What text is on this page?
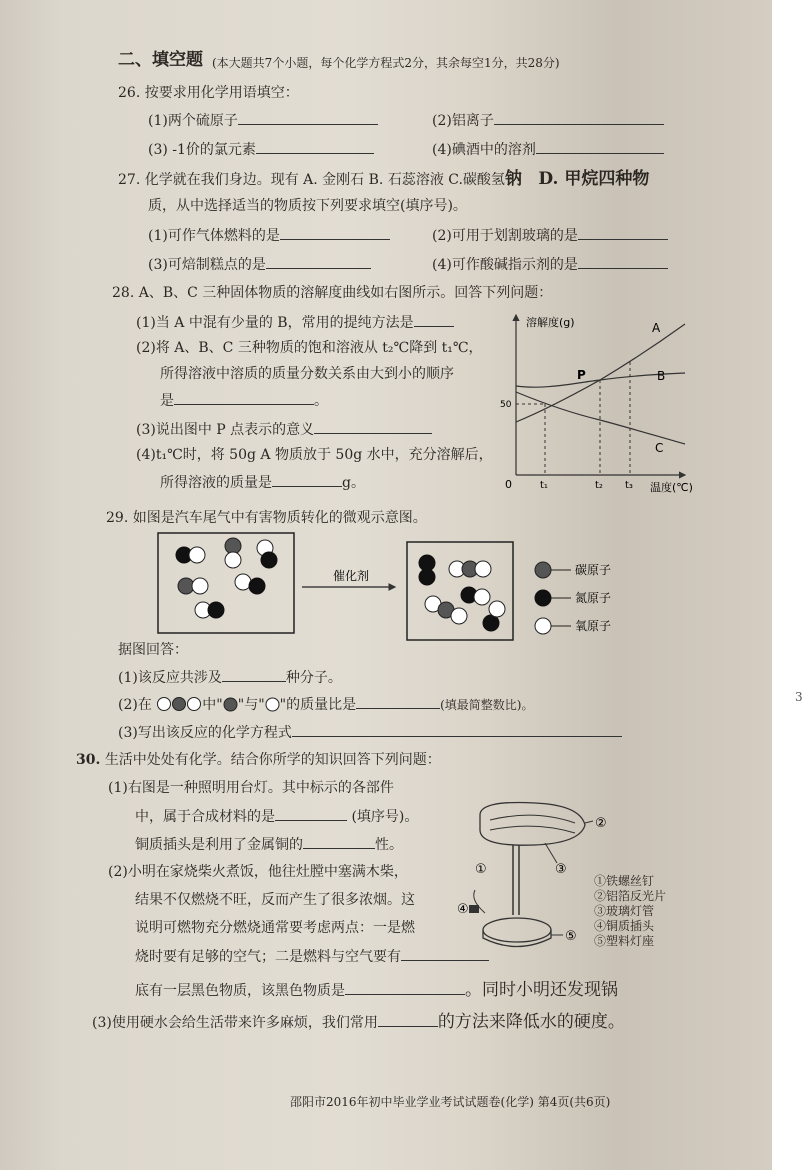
3
二、填空题 (本大题共7个小题，每个化学方程式2分，其余每空1分，共28分)
26. 按要求用化学用语填空：
(1)两个硫原子	(2)铝离子
(3) -1价的氯元素	(4)碘酒中的溶剂
27. 化学就在我们身边。现有 A. 金刚石 B. 石蕊溶液 C.碳酸氢钠 D. 甲烷四种物
质，从中选择适当的物质按下列要求填空(填序号)。
(1)可作气体燃料的是	(2)可用于划割玻璃的是
(3)可焙制糕点的是	(4)可作酸碱指示剂的是
28. A、B、C 三种固体物质的溶解度曲线如右图所示。回答下列问题：
(1)当 A 中混有少量的 B，常用的提纯方法是
(2)将 A、B、C 三种物质的饱和溶液从 t₂℃降到 t₁℃，
所得溶液中溶质的质量分数关系由大到小的顺序
是	。
(3)说出图中 P 点表示的意义
(4)t₁℃时，将 50g A 物质放于 50g 水中，充分溶解后，
所得溶液的质量是	g。
溶解度(g)
0
50
t₁	t₂ t₃ 温度(℃)
P
A
B
C
29. 如图是汽车尾气中有害物质转化的微观示意图。
催化剂	碳原子
氮原子
氧原子
据图回答：
(1)该反应共涉及	种分子。
(2)在	中" "与" "的质量比是	(填最简整数比)。
(3)写出该反应的化学方程式
30. 生活中处处有化学。结合你所学的知识回答下列问题：
(1)右图是一种照明用台灯。其中标示的各部件
中，属于合成材料的是	(填序号)。
铜质插头是利用了金属铜的	性。
(2)小明在家烧柴火煮饭，他往灶膛中塞满木柴，
结果不仅燃烧不旺，反而产生了很多浓烟。这
说明可燃物充分燃烧通常要考虑两点：一是燃
烧时要有足够的空气；二是燃料与空气要有
底有一层黑色物质，该黑色物质是	。同时小明还发现锅
(3)使用硬水会给生活带来许多麻烦，我们常用	的方法来降低水的硬度。
①
②
③
④
⑤
①铁螺丝钉
②铝箔反光片
③玻璃灯管
④铜质插头
⑤塑料灯座
邵阳市2016年初中毕业学业考试试题卷(化学) 第4页(共6页)
